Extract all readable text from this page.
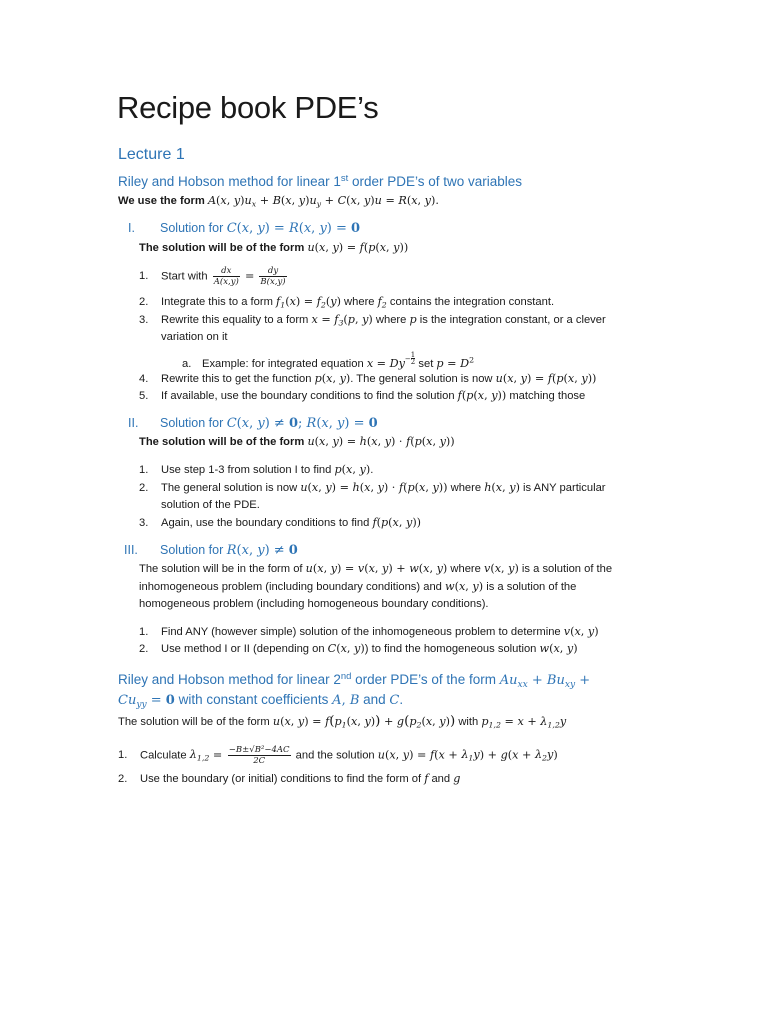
Recipe book PDE’s
Lecture 1
Riley and Hobson method for linear 1st order PDE’s of two variables
We use the form A(x, $y)u_x + B(x$, $y)u_y + C(x$, y)u = R(x, y).
I. Solution for C(x, y) = R(x, y) = 0
The solution will be of the form u(x, y) = f(p(x, y))
1. Start with $\frac{dx}{A(x,y)} = \frac{dy}{B(x,y)}$
2. Integrate this to a form $f_1(x) = f_2(y)$ where $f_2$ contains the integration constant.
3. Rewrite this equality to a form $x = f_3(p$, y) where p is the integration constant, or a clever
variation on it
a. Example: for integrated equation $x = Dy^{- \frac{1}{2}}$ set $p = D^2$
4. Rewrite this to get the function p(x, y). The general solution is now u(x, y) = f(p(x, y))
5. If available, use the boundary conditions to find the solution f(p(x, y)) matching those
II. Solution for C(x, y) ≠ 0; R(x, y) = 0
The solution will be of the form u(x, y) = h(x, y) · f(p(x, y))
1. Use step 1-3 from solution I to find p(x, y).
2. The general solution is now u(x, y) = h(x, y) · f(p(x, y)) where h(x, y) is ANY particular
solution of the PDE.
3. Again, use the boundary conditions to find f(p(x, y))
III. Solution for R(x, y) ≠ 0
The solution will be in the form of u(x, y) = v(x, y) + w(x, y) where v(x, y) is a solution of the
inhomogeneous problem (including boundary conditions) and w(x, y) is a solution of the
homogeneous problem (including homogeneous boundary conditions).
1. Find ANY (however simple) solution of the inhomogeneous problem to determine v(x, y)
2. Use method I or II (depending on C(x, y)) to find the homogeneous solution w(x, y)
Riley and Hobson method for linear 2nd order PDE’s of the form $Au_{xx} + Bu_{xy}$ +
$Cu_{yy} = 0$ with constant coefficients A, B and C.
The solution will be of the form u(x, $y) = f(p_1(x$, $y)) + g(p_2(x$, y)) with $p_{1,2} = x + \lambda_{1,2}y$
1. Calculate $\lambda_{1,2} = \frac{\text{−B±√B²−4AC}}{2C}$ and the solution u(x, $y) = f(x + \lambda_1y) + g(x + \lambda_2y)$
2. Use the boundary (or initial) conditions to find the form of f and g
